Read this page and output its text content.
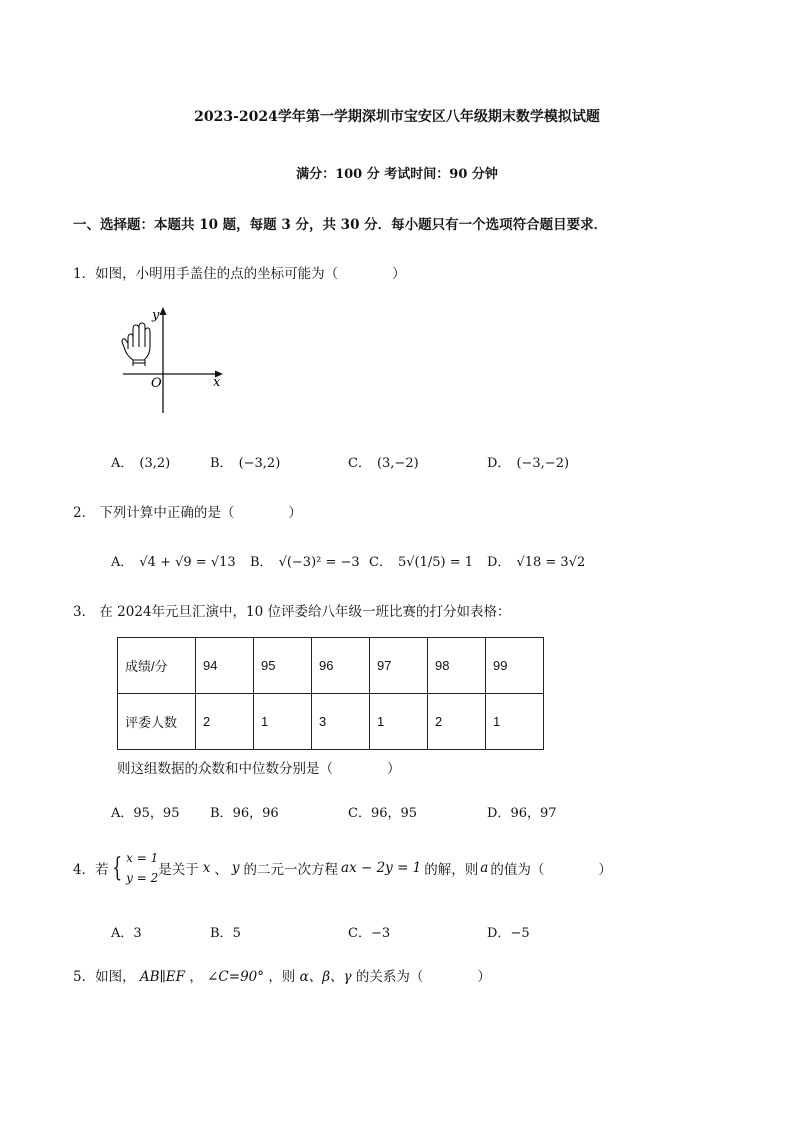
2023-2024学年第一学期深圳市宝安区八年级期末数学模拟试题
满分：100 分 考试时间：90 分钟
一、选择题：本题共 10 题，每题 3 分，共 30 分．每小题只有一个选项符合题目要求．
1．如图，小明用手盖住的点的坐标可能为（	）
y
x
O
A． (3,2)	B． (−3,2)	C． (3,−2)	D． (−3,−2)
2． 下列计算中正确的是（	）
A． √4 + √9 = √13 B． √(−3)² = −3 C． 5√(1/5) = 1 D． √18 = 3√2
3． 在 2024年元旦汇演中，10 位评委给八年级一班比赛的打分如表格：
成绩/分	94	95	96	97	98	99
评委人数	2	1	3	1	2	1
则这组数据的众数和中位数分别是（	）
A．95，95 B．96，96	C．96，95	D．96，97
4．若 { x = 1
y = 2 是关于 x 、 y 的二元一次方程 ax − 2y = 1 的解，则 a 的值为（	）
A．3	B．5	C．−3	D．−5
5．如图， AB∥EF ， ∠C=90° ，则 α、β、γ 的关系为（	）
